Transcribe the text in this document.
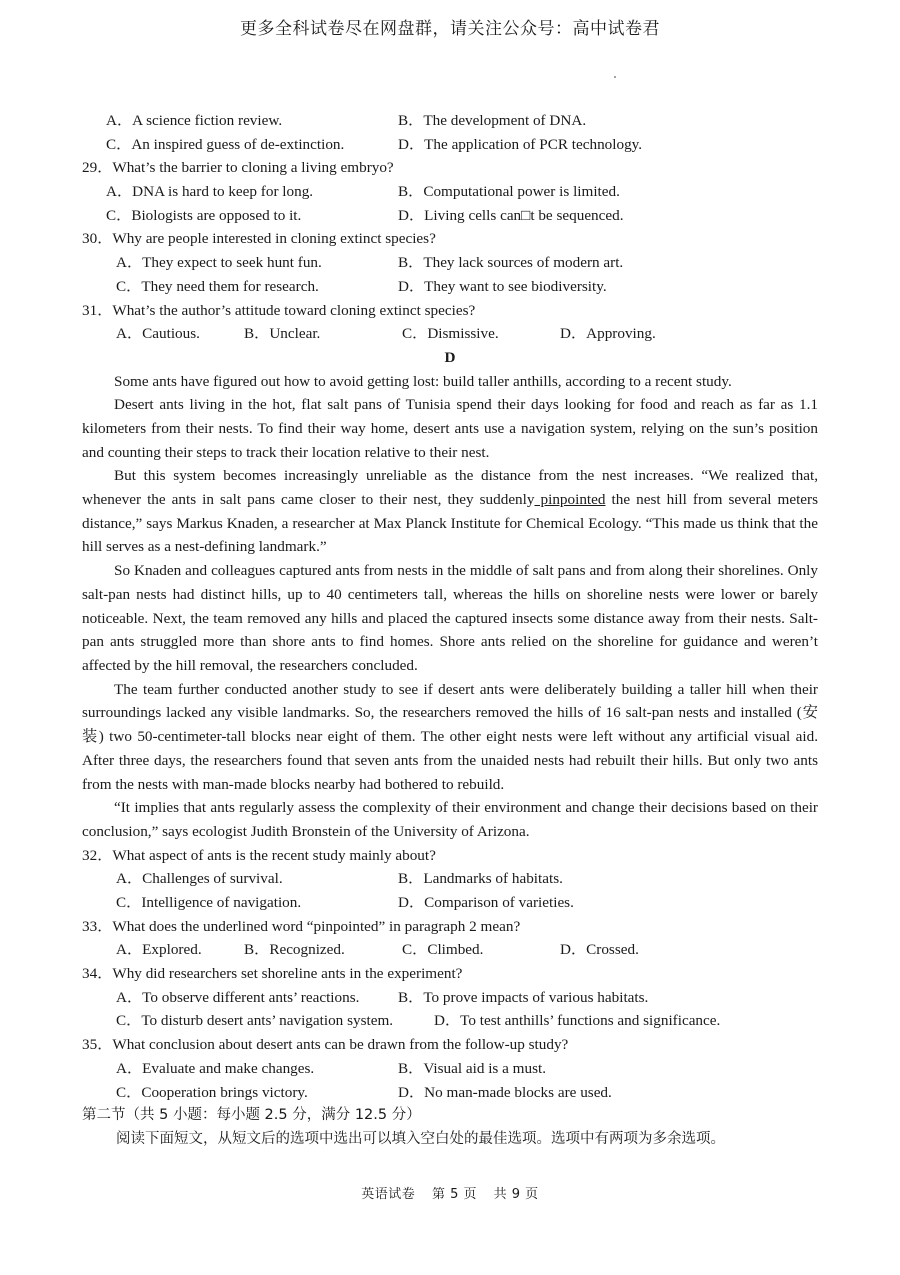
更多全科试卷尽在网盘群，请关注公众号：高中试卷君
A．A science fiction review.	B．The development of DNA.
C．An inspired guess of de-extinction.	D．The application of PCR technology.
29．What’s the barrier to cloning a living embryo?
A．DNA is hard to keep for long.	B．Computational power is limited.
C．Biologists are opposed to it.	D．Living cells can□t be sequenced.
30．Why are people interested in cloning extinct species?
A．They expect to seek hunt fun.	B．They lack sources of modern art.
C．They need them for research.	D．They want to see biodiversity.
31．What’s the author’s attitude toward cloning extinct species?
A．Cautious.	B．Unclear.	C．Dismissive.	D．Approving.
D

Some ants have figured out how to avoid getting lost: build taller anthills, according to a recent study.

Desert ants living in the hot, flat salt pans of Tunisia spend their days looking for food and reach as far as 1.1 kilometers from their nests. To find their way home, desert ants use a navigation system, relying on the sun’s position and counting their steps to track their location relative to their nest.

But this system becomes increasingly unreliable as the distance from the nest increases. “We realized that, whenever the ants in salt pans came closer to their nest, they suddenly pinpointed the nest hill from several meters distance,” says Markus Knaden, a researcher at Max Planck Institute for Chemical Ecology. “This made us think that the hill serves as a nest-defining landmark.”

So Knaden and colleagues captured ants from nests in the middle of salt pans and from along their shorelines. Only salt-pan nests had distinct hills, up to 40 centimeters tall, whereas the hills on shoreline nests were lower or barely noticeable. Next, the team removed any hills and placed the captured insects some distance away from their nests. Salt-pan ants struggled more than shore ants to find homes. Shore ants relied on the shoreline for guidance and weren’t affected by the hill removal, the researchers concluded.

The team further conducted another study to see if desert ants were deliberately building a taller hill when their surroundings lacked any visible landmarks. So, the researchers removed the hills of 16 salt-pan nests and installed (安装) two 50-centimeter-tall blocks near eight of them. The other eight nests were left without any artificial visual aid. After three days, the researchers found that seven ants from the unaided nests had rebuilt their hills. But only two ants from the nests with man-made blocks nearby had bothered to rebuild.

“It implies that ants regularly assess the complexity of their environment and change their decisions based on their conclusion,” says ecologist Judith Bronstein of the University of Arizona.

32．What aspect of ants is the recent study mainly about?
A．Challenges of survival.	B．Landmarks of habitats.
C．Intelligence of navigation.	D．Comparison of varieties.
33．What does the underlined word “pinpointed” in paragraph 2 mean?
A．Explored.	B．Recognized.	C．Climbed.	D．Crossed.
34．Why did researchers set shoreline ants in the experiment?
A．To observe different ants’ reactions.	B．To prove impacts of various habitats.
C．To disturb desert ants’ navigation system.	D．To test anthills’ functions and significance.
35．What conclusion about desert ants can be drawn from the follow-up study?
A．Evaluate and make changes.	B．Visual aid is a must.
C．Cooperation brings victory.	D．No man-made blocks are used.
第二节（共 5 小题：每小题 2.5 分，满分 12.5 分）
阅读下面短文，从短文后的选项中选出可以填入空白处的最佳选项。选项中有两项为多余选项。
英语试卷 第 5 页 共 9 页
